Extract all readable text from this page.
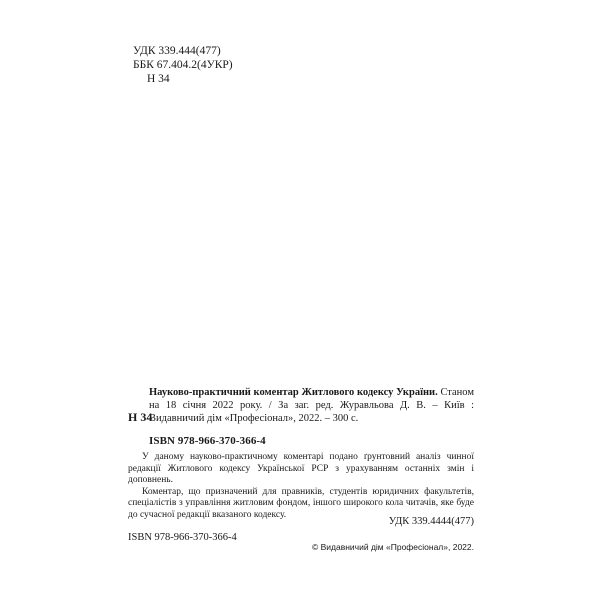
УДК 339.444(477)
ББК 67.404.2(4УКР)
Н 34
Н 34
Науково-практичний коментар Житлового кодексу України. Станом на 18 січня 2022 року. / За заг. ред. Журавльова Д. В. – Київ : Видавничий дім «Професіонал», 2022. – 300 с.
ISBN 978-966-370-366-4

У даному науково-практичному коментарі подано ґрунтовний аналіз чинної редакції Житлового кодексу Української РСР з урахуванням останніх змін і доповнень.

Коментар, що призначений для правників, студентів юридичних факультетів, спеціалістів з управління житловим фондом, іншого широкого кола читачів, яке буде до сучасної редакції вказаного кодексу.

УДК 339.4444(477)
ISBN 978-966-370-366-4
© Видавничий дім «Професіонал», 2022.
